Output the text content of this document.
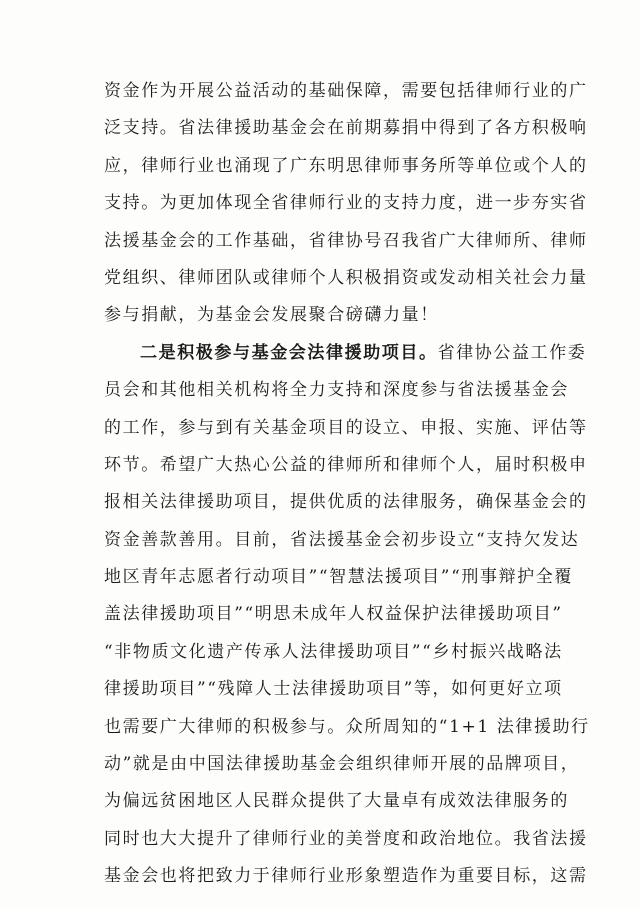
资金作为开展公益活动的基础保障，需要包括律师行业的广
泛支持。省法律援助基金会在前期募捐中得到了各方积极响
应，律师行业也涌现了广东明思律师事务所等单位或个人的
支持。为更加体现全省律师行业的支持力度，进一步夯实省
法援基金会的工作基础，省律协号召我省广大律师所、律师
党组织、律师团队或律师个人积极捐资或发动相关社会力量
参与捐献，为基金会发展聚合磅礴力量！
二是积极参与基金会法律援助项目。省律协公益工作委
员会和其他相关机构将全力支持和深度参与省法援基金会
的工作，参与到有关基金项目的设立、申报、实施、评估等
环节。希望广大热心公益的律师所和律师个人，届时积极申
报相关法律援助项目，提供优质的法律服务，确保基金会的
资金善款善用。目前，省法援基金会初步设立“支持欠发达
地区青年志愿者行动项目”“智慧法援项目”“刑事辩护全覆
盖法律援助项目”“明思未成年人权益保护法律援助项目”
“非物质文化遗产传承人法律援助项目”“乡村振兴战略法
律援助项目”“残障人士法律援助项目”等，如何更好立项
也需要广大律师的积极参与。众所周知的“1+1 法律援助行
动”就是由中国法律援助基金会组织律师开展的品牌项目，
为偏远贫困地区人民群众提供了大量卓有成效法律服务的
同时也大大提升了律师行业的美誉度和政治地位。我省法援
基金会也将把致力于律师行业形象塑造作为重要目标，这需
